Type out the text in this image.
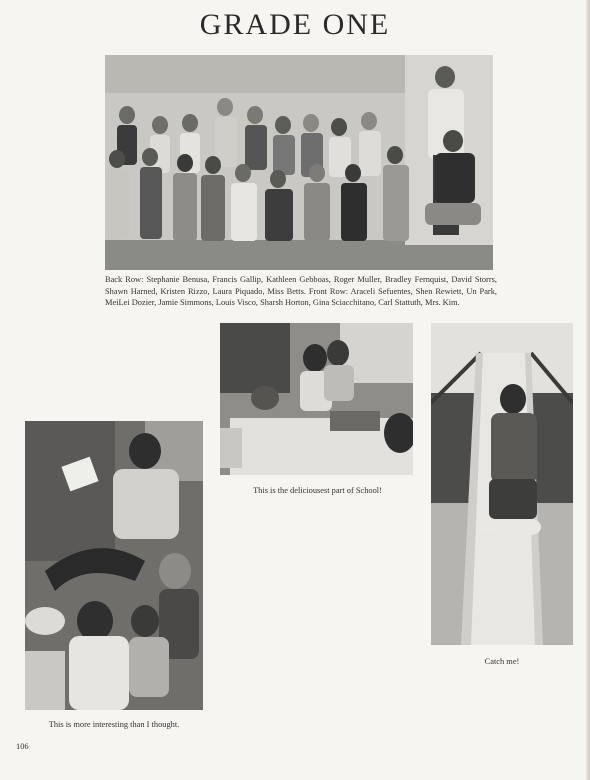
GRADE ONE
Back Row: Stephanie Benusa, Francis Gallip, Kathleen Gebboas, Roger Muller, Bradley Fernquist, David Storrs, Shawn Harned, Kristen Rizzo, Laura Piquado, Miss Betts. Front Row: Araceli Sefuentes, Shen Rewiett, Un Park, MeiLei Dozier, Jamie Simmons, Louis Visco, Sharsh Horton, Gina Sciacchitano, Carl Stattuth, Mrs. Kim.
This is the deliciousest part of School!
Catch me!
This is more interesting than I thought.
106
